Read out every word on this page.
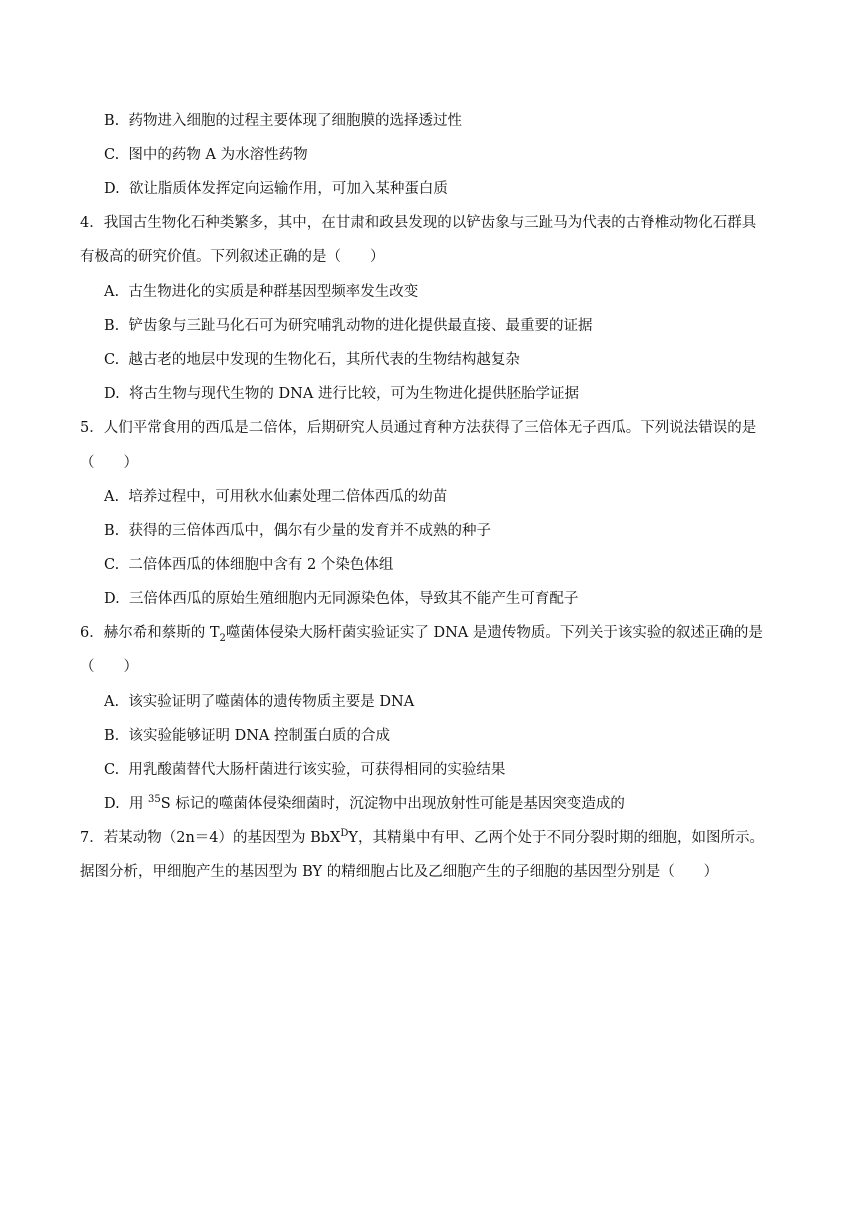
B. 药物进入细胞的过程主要体现了细胞膜的选择透过性
C. 图中的药物 A 为水溶性药物
D. 欲让脂质体发挥定向运输作用，可加入某种蛋白质
4．我国古生物化石种类繁多，其中，在甘肃和政县发现的以铲齿象与三趾马为代表的古脊椎动物化石群具
有极高的研究价值。下列叙述正确的是（　　）
A. 古生物进化的实质是种群基因型频率发生改变
B. 铲齿象与三趾马化石可为研究哺乳动物的进化提供最直接、最重要的证据
C. 越古老的地层中发现的生物化石，其所代表的生物结构越复杂
D. 将古生物与现代生物的 DNA 进行比较，可为生物进化提供胚胎学证据
5．人们平常食用的西瓜是二倍体，后期研究人员通过育种方法获得了三倍体无子西瓜。下列说法错误的是
（　　）
A. 培养过程中，可用秋水仙素处理二倍体西瓜的幼苗
B. 获得的三倍体西瓜中，偶尔有少量的发育并不成熟的种子
C. 二倍体西瓜的体细胞中含有 2 个染色体组
D. 三倍体西瓜的原始生殖细胞内无同源染色体，导致其不能产生可育配子
6．赫尔希和蔡斯的 $T_2$噬菌体侵染大肠杆菌实验证实了 DNA 是遗传物质。下列关于该实验的叙述正确的是
（　　）
A. 该实验证明了噬菌体的遗传物质主要是 DNA
B. 该实验能够证明 DNA 控制蛋白质的合成
C. 用乳酸菌替代大肠杆菌进行该实验，可获得相同的实验结果
D. 用 $^{35}$S 标记的噬菌体侵染细菌时，沉淀物中出现放射性可能是基因突变造成的
7．若某动物（2n＝4）的基因型为 BbX$^D$Y，其精巢中有甲、乙两个处于不同分裂时期的细胞，如图所示。
据图分析，甲细胞产生的基因型为 BY 的精细胞占比及乙细胞产生的子细胞的基因型分别是（　　）
